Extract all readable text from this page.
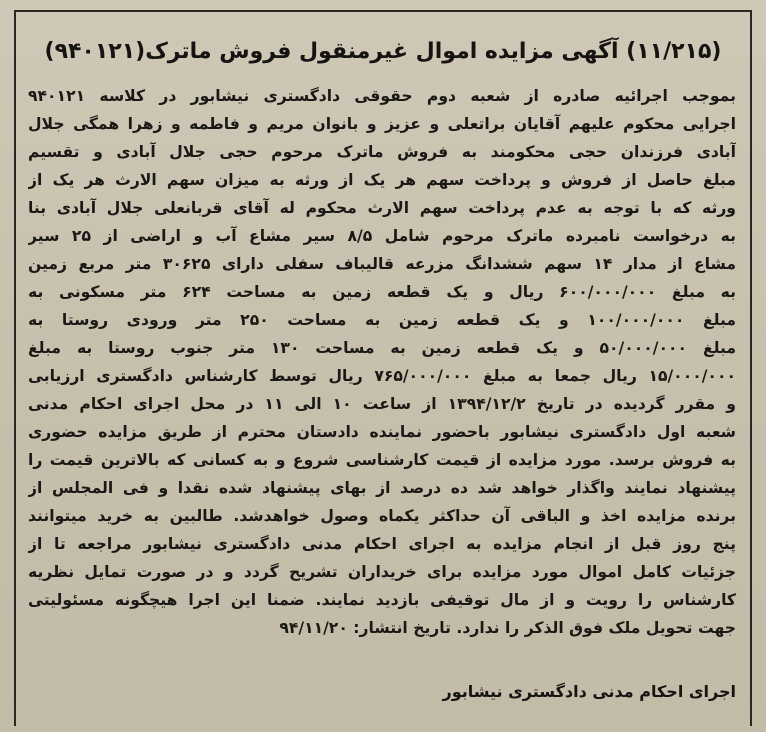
(۱۱/۲۱۵) آگهی مزایده اموال غیرمنقول فروش ماترک(۹۴۰۱۲۱)

بموجب اجرائیه صادره از شعبه دوم حقوقی دادگستری نیشابور در کلاسه ۹۴۰۱۲۱

اجرایی محکوم علیهم آقایان براتعلی و عزیز و بانوان مریم و فاطمه و زهرا همگی جلال

آبادی فرزندان حجی محکومند به فروش ماترک مرحوم حجی جلال آبادی و تقسیم

مبلغ حاصل از فروش و پرداخت سهم هر یک از ورثه به میزان سهم الارث هر یک از

ورثه که با توجه به عدم پرداخت سهم الارث محکوم له آقای قربانعلی جلال آبادی بنا

به درخواست نامبرده ماترک مرحوم شامل ۸/۵ سیر مشاع آب و اراضی از ۲۵ سیر

مشاع از مدار ۱۴ سهم ششدانگ مزرعه قالیباف سفلی دارای ۳۰۶۲۵ متر مربع زمین

به مبلغ ۶۰۰/۰۰۰/۰۰۰ ریال و یک قطعه زمین به مساحت ۶۲۴ متر مسکونی به

مبلغ ۱۰۰/۰۰۰/۰۰۰ و یک قطعه زمین به مساحت ۲۵۰ متر ورودی روستا به

مبلغ ۵۰/۰۰۰/۰۰۰ و یک قطعه زمین به مساحت ۱۳۰ متر جنوب روستا به مبلغ

۱۵/۰۰۰/۰۰۰ ریال جمعا به مبلغ ۷۶۵/۰۰۰/۰۰۰ ریال توسط کارشناس دادگستری ارزیابی

و مقرر گردیده در تاریخ ۱۳۹۴/۱۲/۲ از ساعت ۱۰ الی ۱۱ در محل اجرای احکام مدنی

شعبه اول دادگستری نیشابور باحضور نماینده دادستان محترم از طریق مزایده حضوری

به فروش برسد. مورد مزایده از قیمت کارشناسی شروع و به کسانی که بالاترین قیمت را

پیشنهاد نمایند واگذار خواهد شد ده درصد از بهای پیشنهاد شده نقدا و فی المجلس از

برنده مزایده اخذ و الباقی آن حداکثر یکماه وصول خواهدشد. طالبین به خرید میتوانند

پنج روز قبل از انجام مزایده به اجرای احکام مدنی دادگستری نیشابور مراجعه تا از

جزئیات کامل اموال مورد مزایده برای خریداران تشریح گردد و در صورت تمایل نظریه

کارشناس را رویت و از مال توقیفی بازدید نمایند. ضمنا این اجرا هیچگونه مسئولیتی

جهت تحویل ملک فوق الذکر را ندارد. تاریخ انتشار: ۹۴/۱۱/۲۰

اجرای احکام مدنی دادگستری نیشابور
